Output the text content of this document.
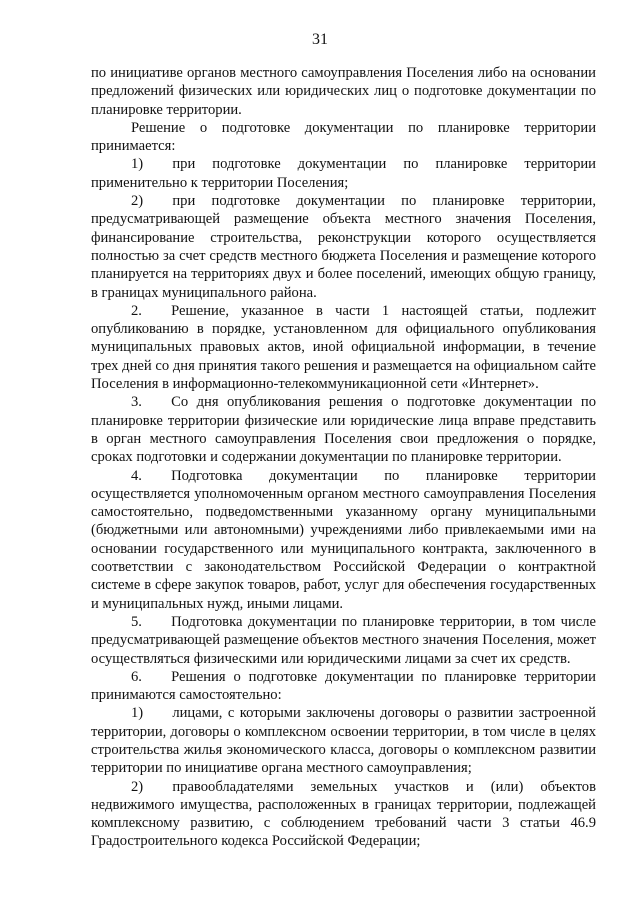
31

по инициативе органов местного самоуправления Поселения либо на основании предложений физических или юридических лиц о подготовке документации по планировке территории.

Решение о подготовке документации по планировке территории принимается:

1)  при подготовке документации по планировке территории применительно к территории Поселения;

2)  при подготовке документации по планировке территории, предусматривающей размещение объекта местного значения Поселения, финансирование строительства, реконструкции которого осуществляется полностью за счет средств местного бюджета Поселения и размещение которого планируется на территориях двух и более поселений, имеющих общую границу, в границах муниципального района.

2.  Решение, указанное в части 1 настоящей статьи, подлежит опубликованию в порядке, установленном для официального опубликования муниципальных правовых актов, иной официальной информации, в течение трех дней со дня принятия такого решения и размещается на официальном сайте Поселения в информационно-телекоммуникационной сети «Интернет».

3.  Со дня опубликования решения о подготовке документации по планировке территории физические или юридические лица вправе представить в орган местного самоуправления Поселения свои предложения о порядке, сроках подготовки и содержании документации по планировке территории.

4.  Подготовка документации по планировке территории осуществляется уполномоченным органом местного самоуправления Поселения самостоятельно, подведомственными указанному органу муниципальными (бюджетными или автономными) учреждениями либо привлекаемыми ими на основании государственного или муниципального контракта, заключенного в соответствии с законодательством Российской Федерации о контрактной системе в сфере закупок товаров, работ, услуг для обеспечения государственных и муниципальных нужд, иными лицами.

5.  Подготовка документации по планировке территории, в том числе предусматривающей размещение объектов местного значения Поселения, может осуществляться физическими или юридическими лицами за счет их средств.

6.  Решения о подготовке документации по планировке территории принимаются самостоятельно:

1)  лицами, с которыми заключены договоры о развитии застроенной территории, договоры о комплексном освоении территории, в том числе в целях строительства жилья экономического класса, договоры о комплексном развитии территории по инициативе органа местного самоуправления;

2)  правообладателями земельных участков и (или) объектов недвижимого имущества, расположенных в границах территории, подлежащей комплексному развитию, с соблюдением требований части 3 статьи 46.9 Градостроительного кодекса Российской Федерации;
